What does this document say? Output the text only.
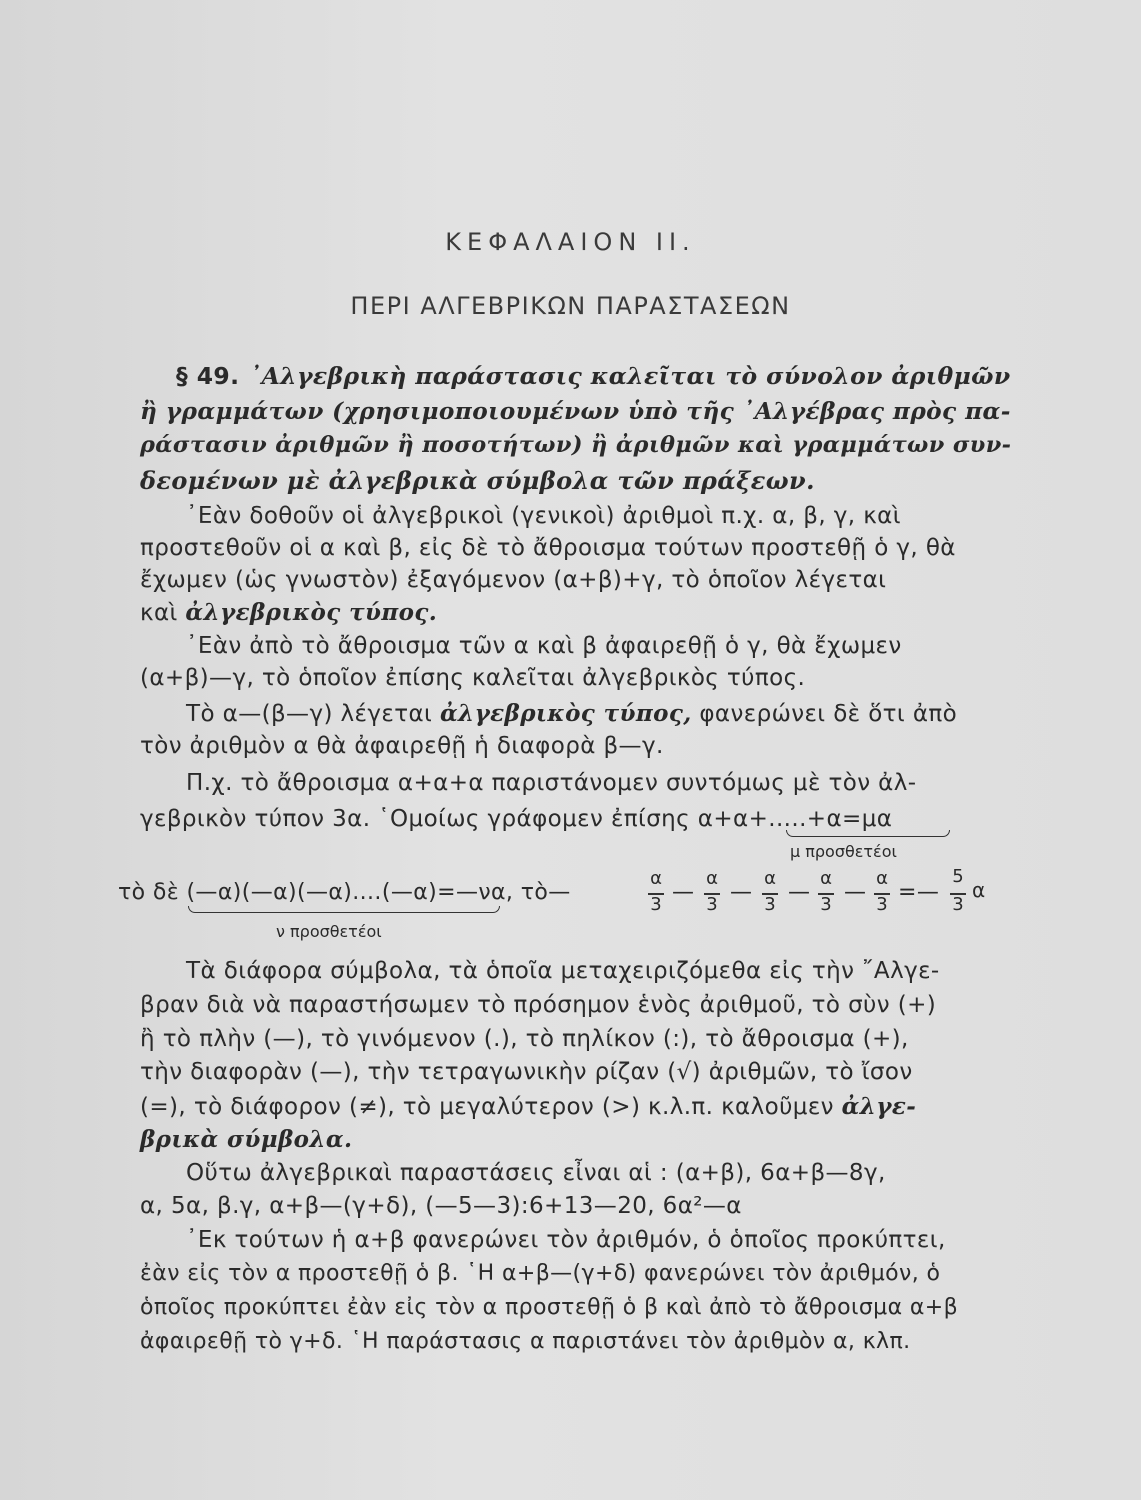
ΚΕΦΑΛΑΙΟΝ ΙΙ.
ΠΕΡΙ ΑΛΓΕΒΡΙΚΩΝ ΠΑΡΑΣΤΑΣΕΩΝ
§ 49. ᾽Αλγεβρικὴ παράστασις καλεῖται τὸ σύνολον ἀριθμῶν
ἢ γραμμάτων (χρησιμοποιουμένων ὑπὸ τῆς ᾽Αλγέβρας πρὸς πα-
ράστασιν ἀριθμῶν ἢ ποσοτήτων) ἢ ἀριθμῶν καὶ γραμμάτων συν-
δεομένων μὲ ἀλγεβρικὰ σύμβολα τῶν πράξεων.
᾽Εὰν δοθοῦν οἱ ἀλγεβρικοὶ (γενικοὶ) ἀριθμοὶ π.χ. α, β, γ, καὶ
προστεθοῦν οἱ α καὶ β, εἰς δὲ τὸ ἄθροισμα τούτων προστεθῇ ὁ γ, θὰ
ἔχωμεν (ὡς γνωστὸν) ἐξαγόμενον (α+β)+γ, τὸ ὁποῖον λέγεται
καὶ ἀλγεβρικὸς τύπος.
᾽Εὰν ἀπὸ τὸ ἄθροισμα τῶν α καὶ β ἀφαιρεθῇ ὁ γ, θὰ ἔχωμεν
(α+β)—γ, τὸ ὁποῖον ἐπίσης καλεῖται ἀλγεβρικὸς τύπος.
Τὸ α—(β—γ) λέγεται ἀλγεβρικὸς τύπος, φανερώνει δὲ ὅτι ἀπὸ
τὸν ἀριθμὸν α θὰ ἀφαιρεθῇ ἡ διαφορὰ β—γ.
Π.χ. τὸ ἄθροισμα α+α+α παριστάνομεν συντόμως μὲ τὸν ἀλ-
γεβρικὸν τύπον 3α. ῾Ομοίως γράφομεν ἐπίσης α+α+.....+α=μα
μ προσθετέοι
τὸ δὲ (—α)(—α)(—α)....(—α)=—να, τὸ—
ν προσθετέοι
α
3 —
α
3 —
α
3 —
α
3 —
α
3 =—
5
3
α
Τὰ διάφορα σύμβολα, τὰ ὁποῖα μεταχειριζόμεθα εἰς τὴν ῎Αλγε-
βραν διὰ νὰ παραστήσωμεν τὸ πρόσημον ἑνὸς ἀριθμοῦ, τὸ σὺν (+)
ἢ τὸ πλὴν (—), τὸ γινόμενον (.), τὸ πηλίκον (:), τὸ ἄθροισμα (+),
τὴν διαφορὰν (—), τὴν τετραγωνικὴν ρίζαν (√) ἀριθμῶν, τὸ ἴσον
(=), τὸ διάφορον (≠), τὸ μεγαλύτερον (>) κ.λ.π. καλοῦμεν ἀλγε-
βρικὰ σύμβολα.
Οὕτω ἀλγεβρικαὶ παραστάσεις εἶναι αἱ : (α+β), 6α+β—8γ,
α, 5α, β.γ, α+β—(γ+δ), (—5—3):6+13—20, 6α²—α
᾽Εκ τούτων ἡ α+β φανερώνει τὸν ἀριθμόν, ὁ ὁποῖος προκύπτει,
ἐὰν εἰς τὸν α προστεθῇ ὁ β. ῾Η α+β—(γ+δ) φανερώνει τὸν ἀριθμόν, ὁ
ὁποῖος προκύπτει ἐὰν εἰς τὸν α προστεθῇ ὁ β καὶ ἀπὸ τὸ ἄθροισμα α+β
ἀφαιρεθῇ τὸ γ+δ. ῾Η παράστασις α παριστάνει τὸν ἀριθμὸν α, κλπ.
